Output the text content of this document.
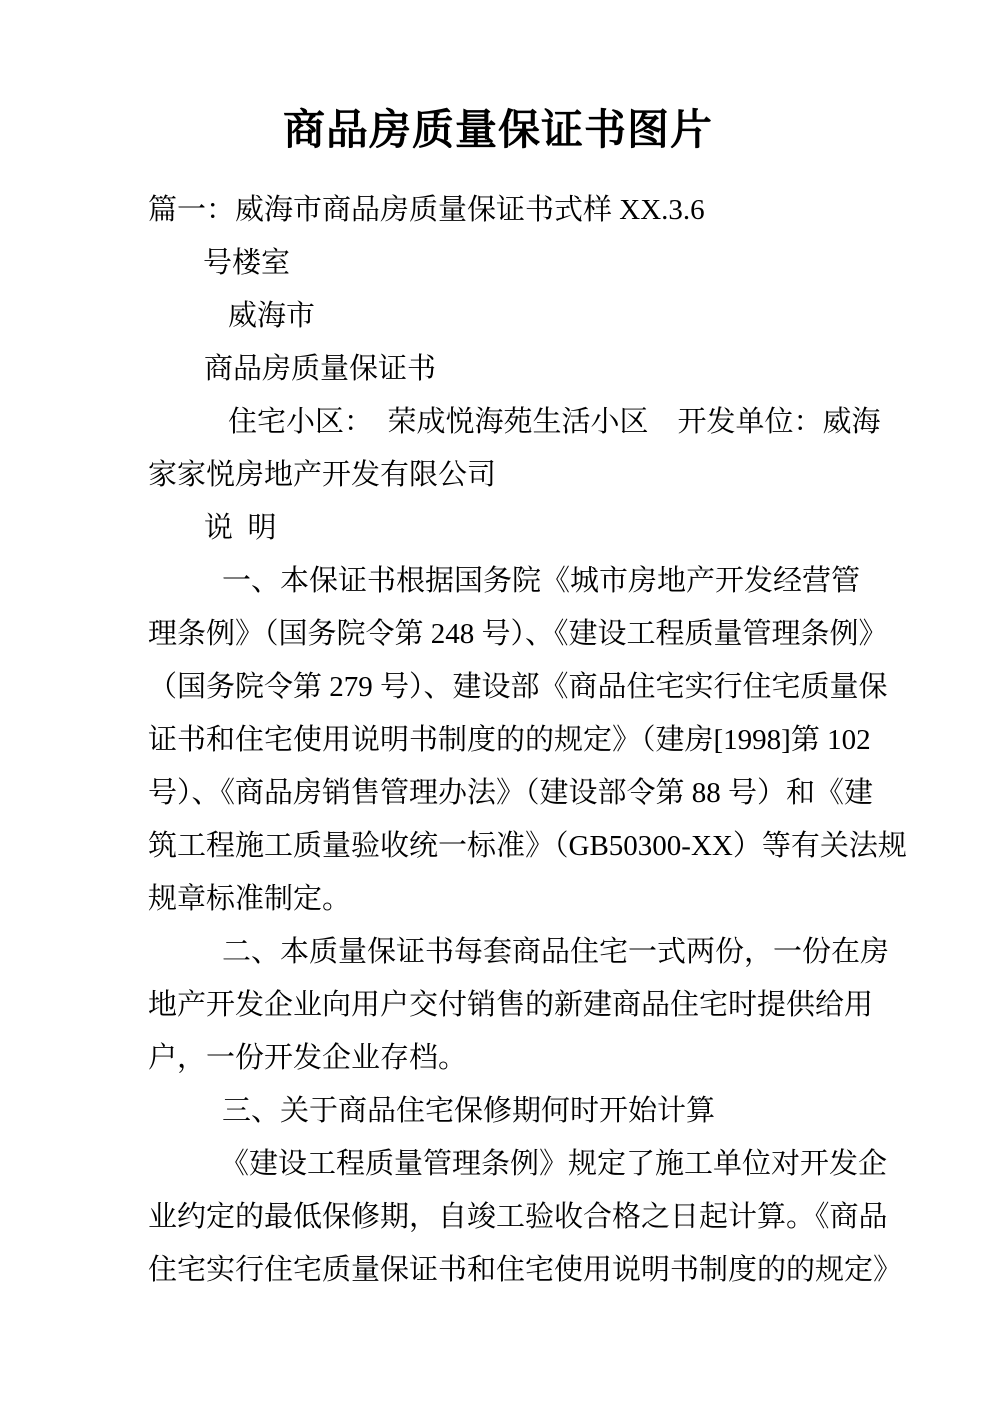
商品房质量保证书图片
篇一：威海市商品房质量保证书式样 XX.3.6
号楼室
威海市
商品房质量保证书
住宅小区：  荣成悦海苑生活小区    开发单位：威海
家家悦房地产开发有限公司
说  明
一、本保证书根据国务院《城市房地产开发经营管
理条例》（国务院令第 248 号）、《建设工程质量管理条例》
（国务院令第 279 号）、建设部《商品住宅实行住宅质量保
证书和住宅使用说明书制度的的规定》（建房[1998]第 102
号）、《商品房销售管理办法》（建设部令第 88 号）和《建
筑工程施工质量验收统一标准》（GB50300-XX）等有关法规
规章标准制定。
二、本质量保证书每套商品住宅一式两份，一份在房
地产开发企业向用户交付销售的新建商品住宅时提供给用
户，一份开发企业存档。
三、关于商品住宅保修期何时开始计算
《建设工程质量管理条例》规定了施工单位对开发企
业约定的最低保修期，自竣工验收合格之日起计算。《商品
住宅实行住宅质量保证书和住宅使用说明书制度的的规定》
